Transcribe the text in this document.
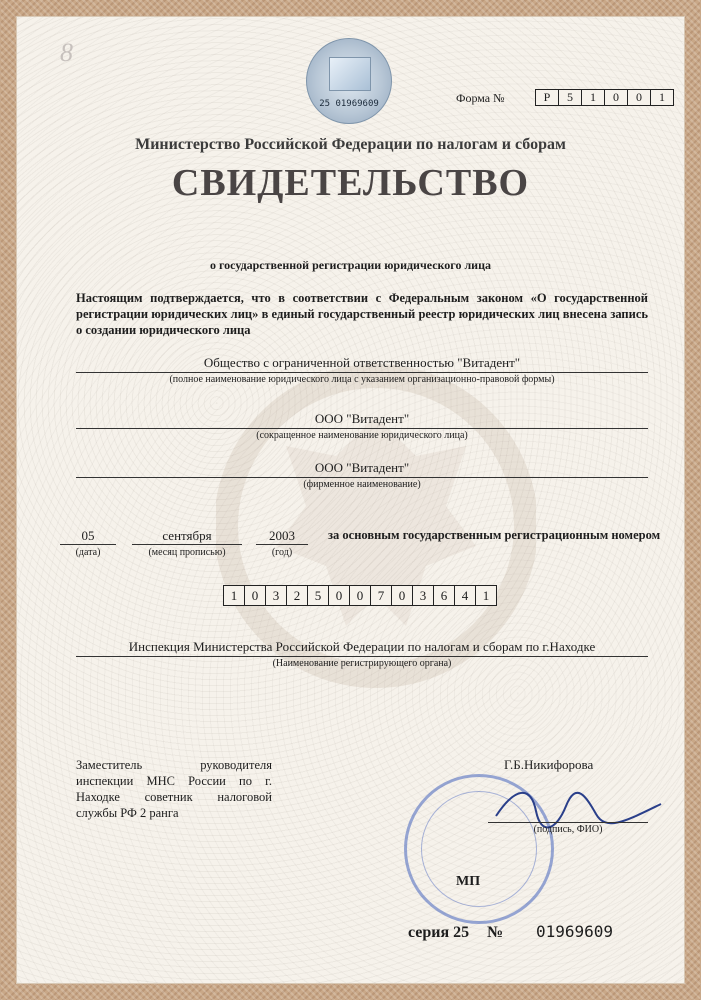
8
25 01969609	Форма №	Р	5	1	0	0	1
Министерство Российской Федерации по налогам и сборам
СВИДЕТЕЛЬСТВО
о государственной регистрации юридического лица
Настоящим подтверждается, что в соответствии с Федеральным законом «О государственной регистрации юридических лиц» в единый государственный реестр юридических лиц внесена запись о создании юридического лица
Общество с ограниченной ответственностью "Витадент"
(полное наименование юридического лица с указанием организационно-правовой формы)
ООО "Витадент"
(сокращенное наименование юридического лица)
ООО "Витадент"
(фирменное наименование)
05
(дата)
сентября
(месяц прописью)
2003
(год)
за основным государственным регистрационным номером
1	0	3	2	5	0	0	7	0	3	6	4	1
Инспекция Министерства Российской Федерации по налогам и сборам по г.Находке
(Наименование регистрирующего органа)
Заместитель руководителя инспекции МНС России по г. Находке советник налоговой службы РФ 2 ранга
Г.Б.Никифорова
(подпись, ФИО)
МП
серия 25 № 01969609
